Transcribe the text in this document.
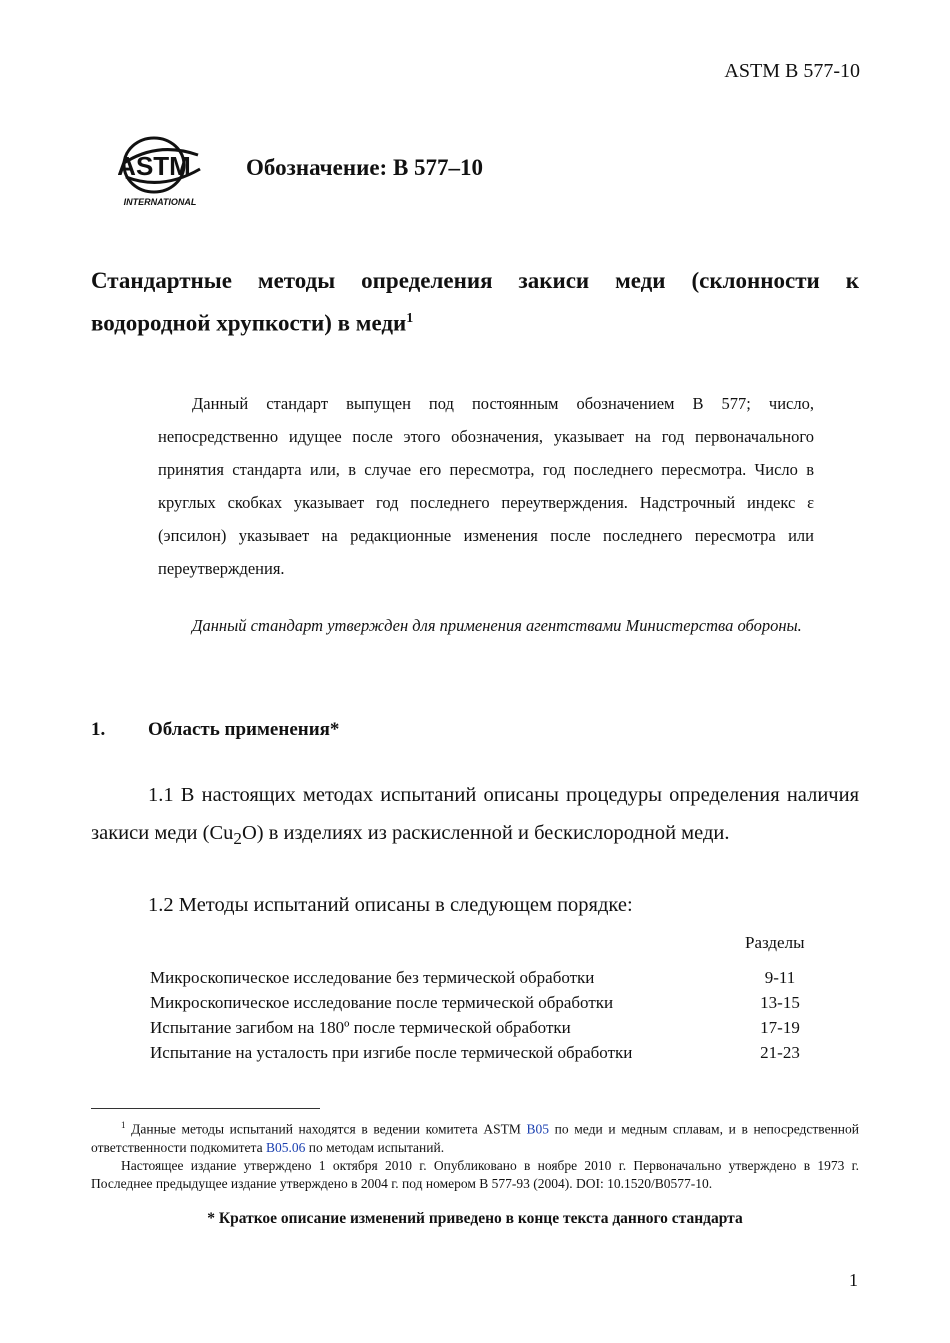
ASTM B 577-10
ASTM
INTERNATIONAL
Обозначение: B 577–10
Стандартные методы определения закиси меди (склонности к
водородной хрупкости) в меди$^1$
Данный стандарт выпущен под постоянным обозначением B 577; число, непосредственно идущее после этого обозначения, указывает на год первоначального принятия стандарта или, в случае его пересмотра, год последнего пересмотра. Число в круглых скобках указывает год последнего переутверждения. Надстрочный индекс ε (эпсилон) указывает на редакционные изменения после последнего пересмотра или переутверждения.
Данный стандарт утвержден для применения агентствами Министерства обороны.
1. Область применения*
1.1 В настоящих методах испытаний описаны процедуры определения наличия закиси меди $(Cu_2O)$ в изделиях из раскисленной и бескислородной меди.
1.2 Методы испытаний описаны в следующем порядке:
Разделы
Микроскопическое исследование без термической обработки	9-11
Микроскопическое исследование после термической обработки	13-15
Испытание загибом на 180º после термической обработки	17-19
Испытание на усталость при изгибе после термической обработки	21-23

$^1$ Данные методы испытаний находятся в ведении комитета ASTM B05 по меди и медным сплавам, и в непосредственной ответственности подкомитета B05.06 по методам испытаний.

Настоящее издание утверждено 1 октября 2010 г. Опубликовано в ноябре 2010 г. Первоначально утверждено в 1973 г. Последнее предыдущее издание утверждено в 2004 г. под номером B 577-93 (2004). DOI: 10.1520/B0577-10.

* Краткое описание изменений приведено в конце текста данного стандарта
1
